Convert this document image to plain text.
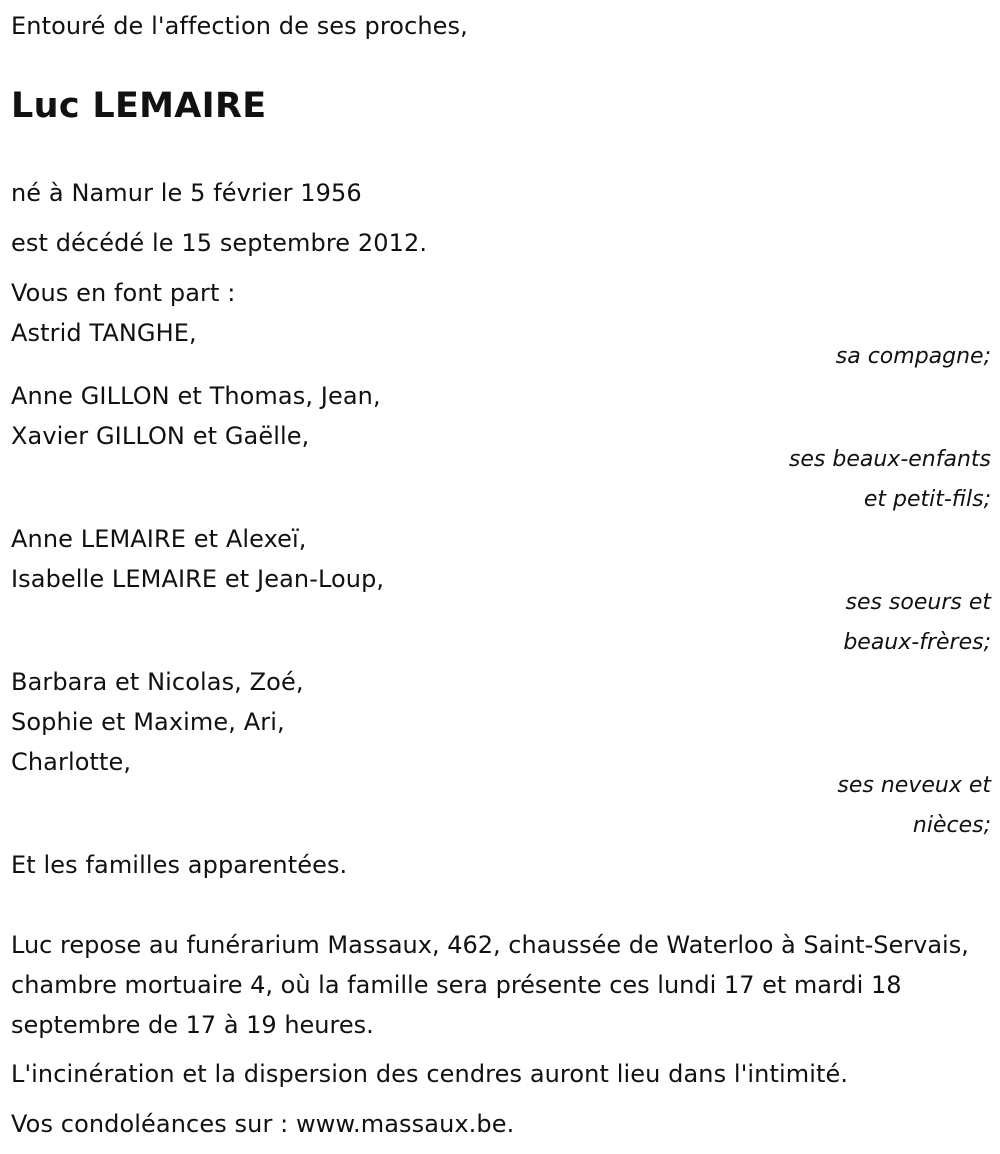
Entouré de l'affection de ses proches,
Luc LEMAIRE
né à Namur le 5 février 1956
est décédé le 15 septembre 2012.
Vous en font part :
Astrid TANGHE,
sa compagne;
Anne GILLON et Thomas, Jean,
Xavier GILLON et Gaëlle,
ses beaux-enfants
et petit-fils;
Anne LEMAIRE et Alexeï,
Isabelle LEMAIRE et Jean-Loup,
ses soeurs et
beaux-frères;
Barbara et Nicolas, Zoé,
Sophie et Maxime, Ari,
Charlotte,
ses neveux et
nièces;
Et les familles apparentées.
Luc repose au funérarium Massaux, 462, chaussée de Waterloo à Saint-Servais, chambre mortuaire 4, où la famille sera présente ces lundi 17 et mardi 18 septembre de 17 à 19 heures.
L'incinération et la dispersion des cendres auront lieu dans l'intimité.
Vos condoléances sur : www.massaux.be.
